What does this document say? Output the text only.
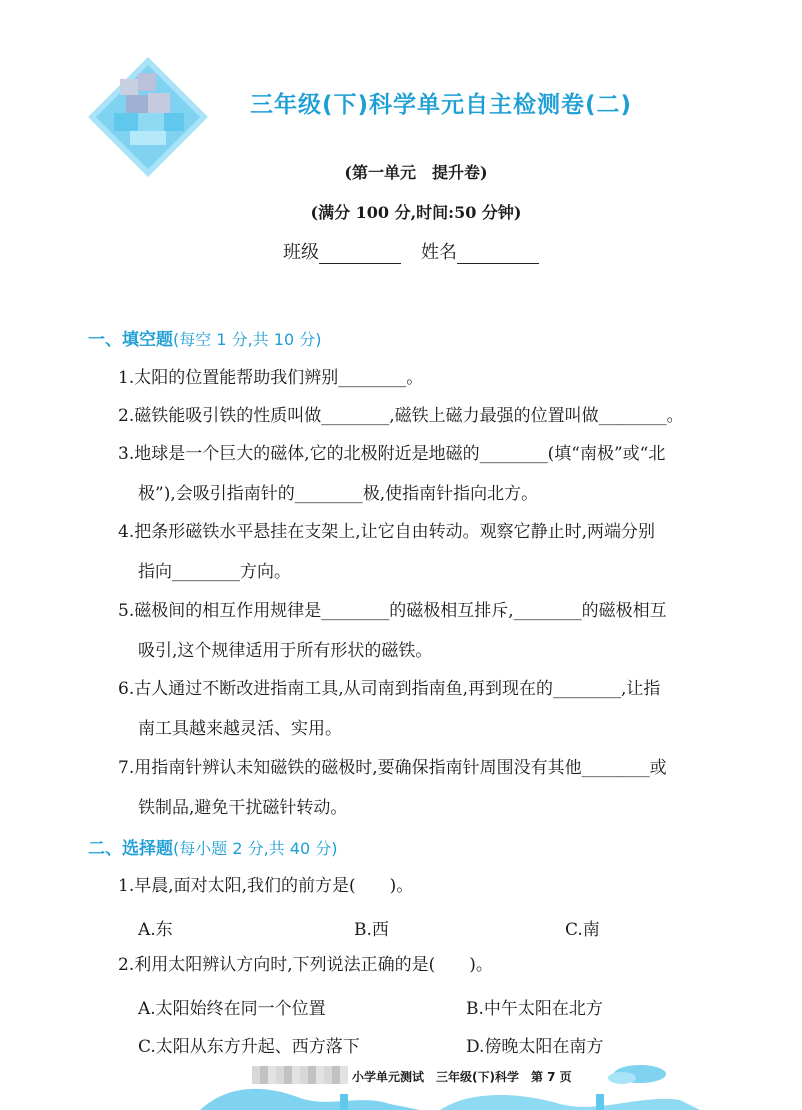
三年级(下)科学单元自主检测卷(二)
(第一单元　提升卷)
(满分 100 分,时间:50 分钟)
班级	姓名
一、填空题(每空 1 分,共 10 分)
1.太阳的位置能帮助我们辨别________。
2.磁铁能吸引铁的性质叫做________,磁铁上磁力最强的位置叫做________。
3.地球是一个巨大的磁体,它的北极附近是地磁的________(填“南极”或“北
极”),会吸引指南针的________极,使指南针指向北方。
4.把条形磁铁水平悬挂在支架上,让它自由转动。观察它静止时,两端分别
指向________方向。
5.磁极间的相互作用规律是________的磁极相互排斥,________的磁极相互
吸引,这个规律适用于所有形状的磁铁。
6.古人通过不断改进指南工具,从司南到指南鱼,再到现在的________,让指
南工具越来越灵活、实用。
7.用指南针辨认未知磁铁的磁极时,要确保指南针周围没有其他________或
铁制品,避免干扰磁针转动。
二、选择题(每小题 2 分,共 40 分)
1.早晨,面对太阳,我们的前方是(　　)。
A.东	B.西	C.南
2.利用太阳辨认方向时,下列说法正确的是(　　)。
A.太阳始终在同一个位置	B.中午太阳在北方
C.太阳从东方升起、西方落下	D.傍晚太阳在南方
小学单元测试　三年级(下)科学　第 7 页
